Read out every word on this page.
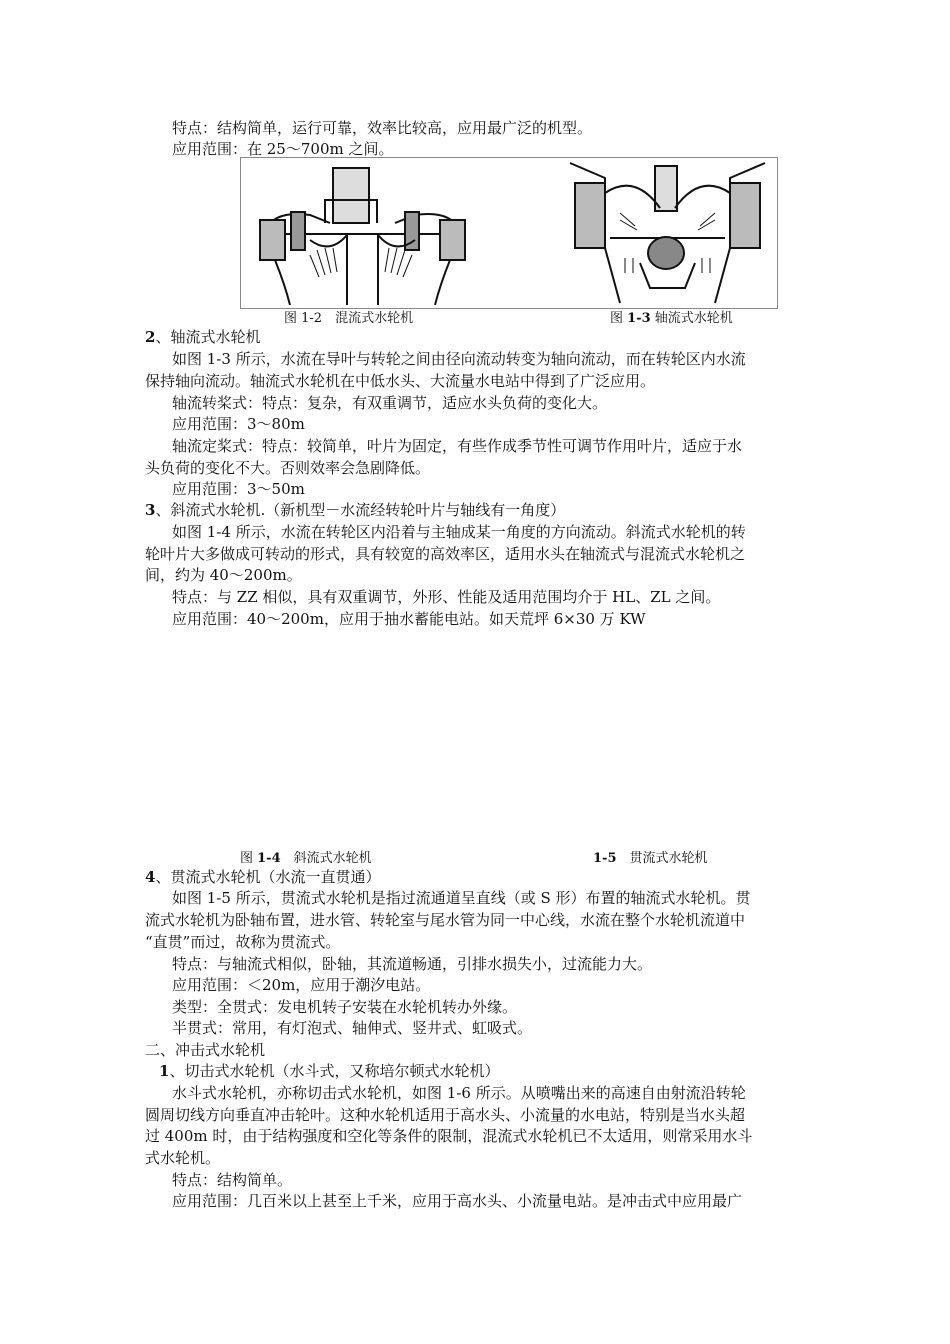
特点：结构简单，运行可靠，效率比较高，应用最广泛的机型。
应用范围：在 25～700m 之间。
图 1-2　混流式水轮机	图 1-3 轴流式水轮机
2、轴流式水轮机
如图 1-3 所示，水流在导叶与转轮之间由径向流动转变为轴向流动，而在转轮区内水流
保持轴向流动。轴流式水轮机在中低水头、大流量水电站中得到了广泛应用。
轴流转桨式：特点：复杂，有双重调节，适应水头负荷的变化大。
应用范围：3～80m
轴流定桨式：特点：较简单，叶片为固定，有些作成季节性可调节作用叶片，适应于水
头负荷的变化不大。否则效率会急剧降低。
应用范围：3～50m
3、斜流式水轮机.（新机型－水流经转轮叶片与轴线有一角度）
如图 1-4 所示，水流在转轮区内沿着与主轴成某一角度的方向流动。斜流式水轮机的转
轮叶片大多做成可转动的形式，具有较宽的高效率区，适用水头在轴流式与混流式水轮机之
间，约为 40～200m。
特点：与 ZZ 相似，具有双重调节，外形、性能及适用范围均介于 HL、ZL 之间。
应用范围：40～200m，应用于抽水蓄能电站。如天荒坪 6×30 万 KW
图 1-4　斜流式水轮机	1-5　贯流式水轮机
4、贯流式水轮机（水流一直贯通）
如图 1-5 所示，贯流式水轮机是指过流通道呈直线（或 S 形）布置的轴流式水轮机。贯
流式水轮机为卧轴布置，进水管、转轮室与尾水管为同一中心线，水流在整个水轮机流道中
“直贯”而过，故称为贯流式。
特点：与轴流式相似，卧轴，其流道畅通，引排水损失小，过流能力大。
应用范围：＜20m，应用于潮汐电站。
类型：全贯式：发电机转子安装在水轮机转办外缘。
半贯式：常用，有灯泡式、轴伸式、竖井式、虹吸式。
二、冲击式水轮机
1、切击式水轮机（水斗式，又称培尔顿式水轮机）
水斗式水轮机，亦称切击式水轮机，如图 1-6 所示。从喷嘴出来的高速自由射流沿转轮
圆周切线方向垂直冲击轮叶。这种水轮机适用于高水头、小流量的水电站，特别是当水头超
过 400m 时，由于结构强度和空化等条件的限制，混流式水轮机已不太适用，则常采用水斗
式水轮机。
特点：结构简单。
应用范围：几百米以上甚至上千米，应用于高水头、小流量电站。是冲击式中应用最广
